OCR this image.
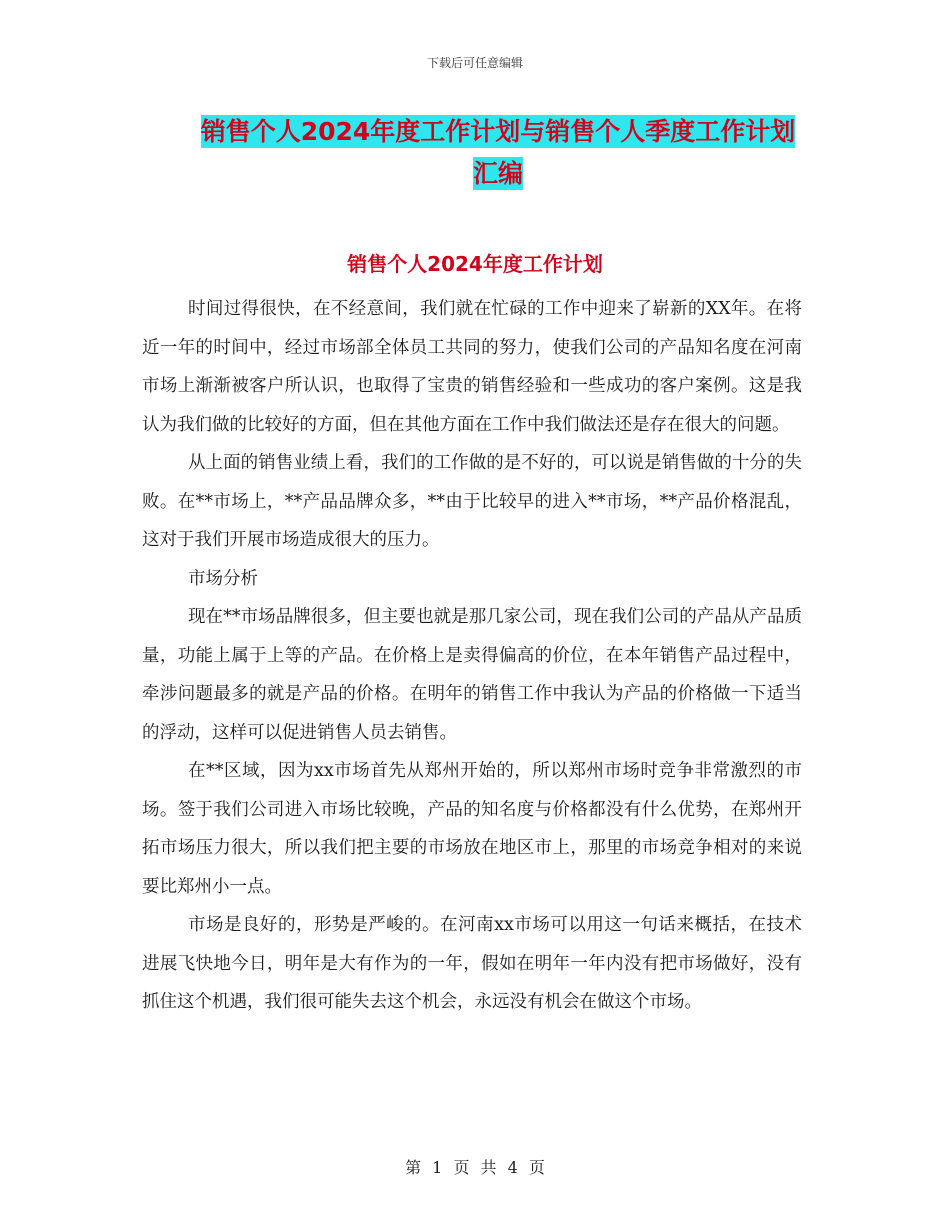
下载后可任意编辑
销售个人2024年度工作计划与销售个人季度工作计划
汇编
销售个人2024年度工作计划

时间过得很快，在不经意间，我们就在忙碌的工作中迎来了崭新的XX年。在将近一年的时间中，经过市场部全体员工共同的努力，使我们公司的产品知名度在河南市场上渐渐被客户所认识，也取得了宝贵的销售经验和一些成功的客户案例。这是我认为我们做的比较好的方面，但在其他方面在工作中我们做法还是存在很大的问题。

从上面的销售业绩上看，我们的工作做的是不好的，可以说是销售做的十分的失败。在**市场上，**产品品牌众多，**由于比较早的进入**市场，**产品价格混乱，这对于我们开展市场造成很大的压力。

市场分析

现在**市场品牌很多，但主要也就是那几家公司，现在我们公司的产品从产品质量，功能上属于上等的产品。在价格上是卖得偏高的价位，在本年销售产品过程中，牵涉问题最多的就是产品的价格。在明年的销售工作中我认为产品的价格做一下适当的浮动，这样可以促进销售人员去销售。

在**区域，因为xx市场首先从郑州开始的，所以郑州市场时竞争非常激烈的市场。签于我们公司进入市场比较晚，产品的知名度与价格都没有什么优势，在郑州开拓市场压力很大，所以我们把主要的市场放在地区市上，那里的市场竞争相对的来说要比郑州小一点。

市场是良好的，形势是严峻的。在河南xx市场可以用这一句话来概括，在技术进展飞快地今日，明年是大有作为的一年，假如在明年一年内没有把市场做好，没有抓住这个机遇，我们很可能失去这个机会，永远没有机会在做这个市场。

第 1 页 共 4 页
